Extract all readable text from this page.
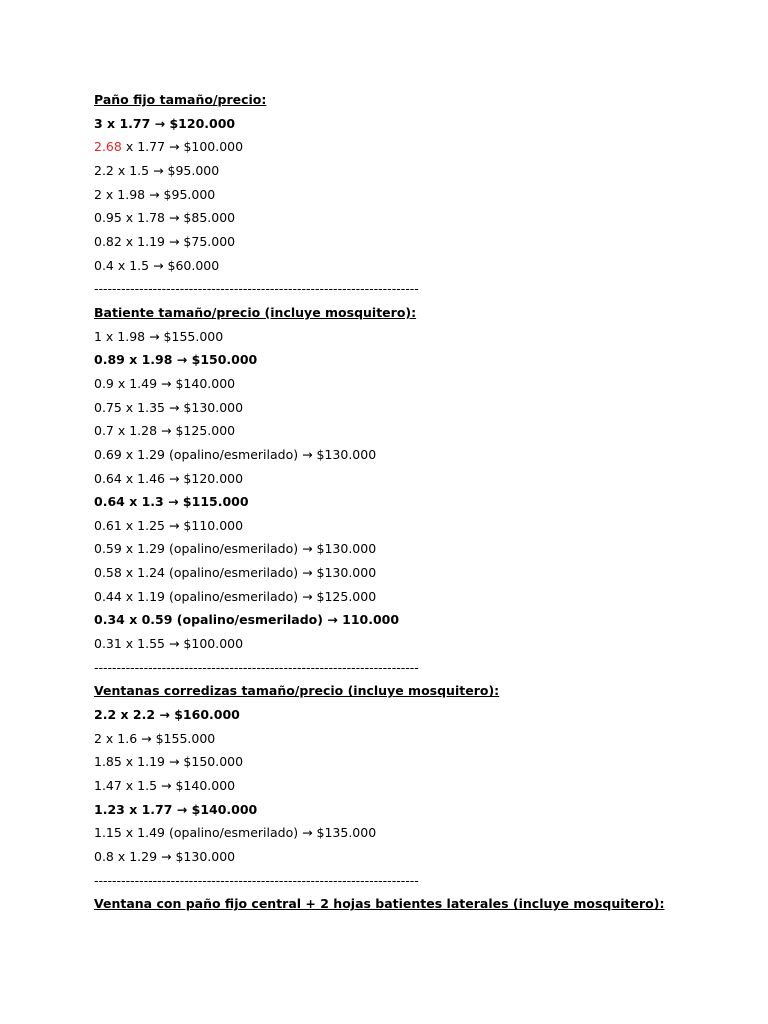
Paño fijo tamaño/precio:
3 x 1.77 → $120.000
2.68 x 1.77 → $100.000
2.2 x 1.5 → $95.000
2 x 1.98 → $95.000
0.95 x 1.78 → $85.000
0.82 x 1.19 → $75.000
0.4 x 1.5 → $60.000
------------------------------------------------------------------------
Batiente tamaño/precio (incluye mosquitero):
1 x 1.98 → $155.000
0.89 x 1.98 → $150.000
0.9 x 1.49 → $140.000
0.75 x 1.35 → $130.000
0.7 x 1.28 → $125.000
0.69 x 1.29 (opalino/esmerilado) → $130.000
0.64 x 1.46 → $120.000
0.64 x 1.3 → $115.000
0.61 x 1.25 → $110.000
0.59 x 1.29 (opalino/esmerilado) → $130.000
0.58 x 1.24 (opalino/esmerilado) → $130.000
0.44 x 1.19 (opalino/esmerilado) → $125.000
0.34 x 0.59 (opalino/esmerilado) → 110.000
0.31 x 1.55 → $100.000
------------------------------------------------------------------------
Ventanas corredizas tamaño/precio (incluye mosquitero):
2.2 x 2.2 → $160.000
2 x 1.6 → $155.000
1.85 x 1.19 → $150.000
1.47 x 1.5 → $140.000
1.23 x 1.77 → $140.000
1.15 x 1.49 (opalino/esmerilado) → $135.000
0.8 x 1.29 → $130.000
------------------------------------------------------------------------
Ventana con paño fijo central + 2 hojas batientes laterales (incluye mosquitero):
